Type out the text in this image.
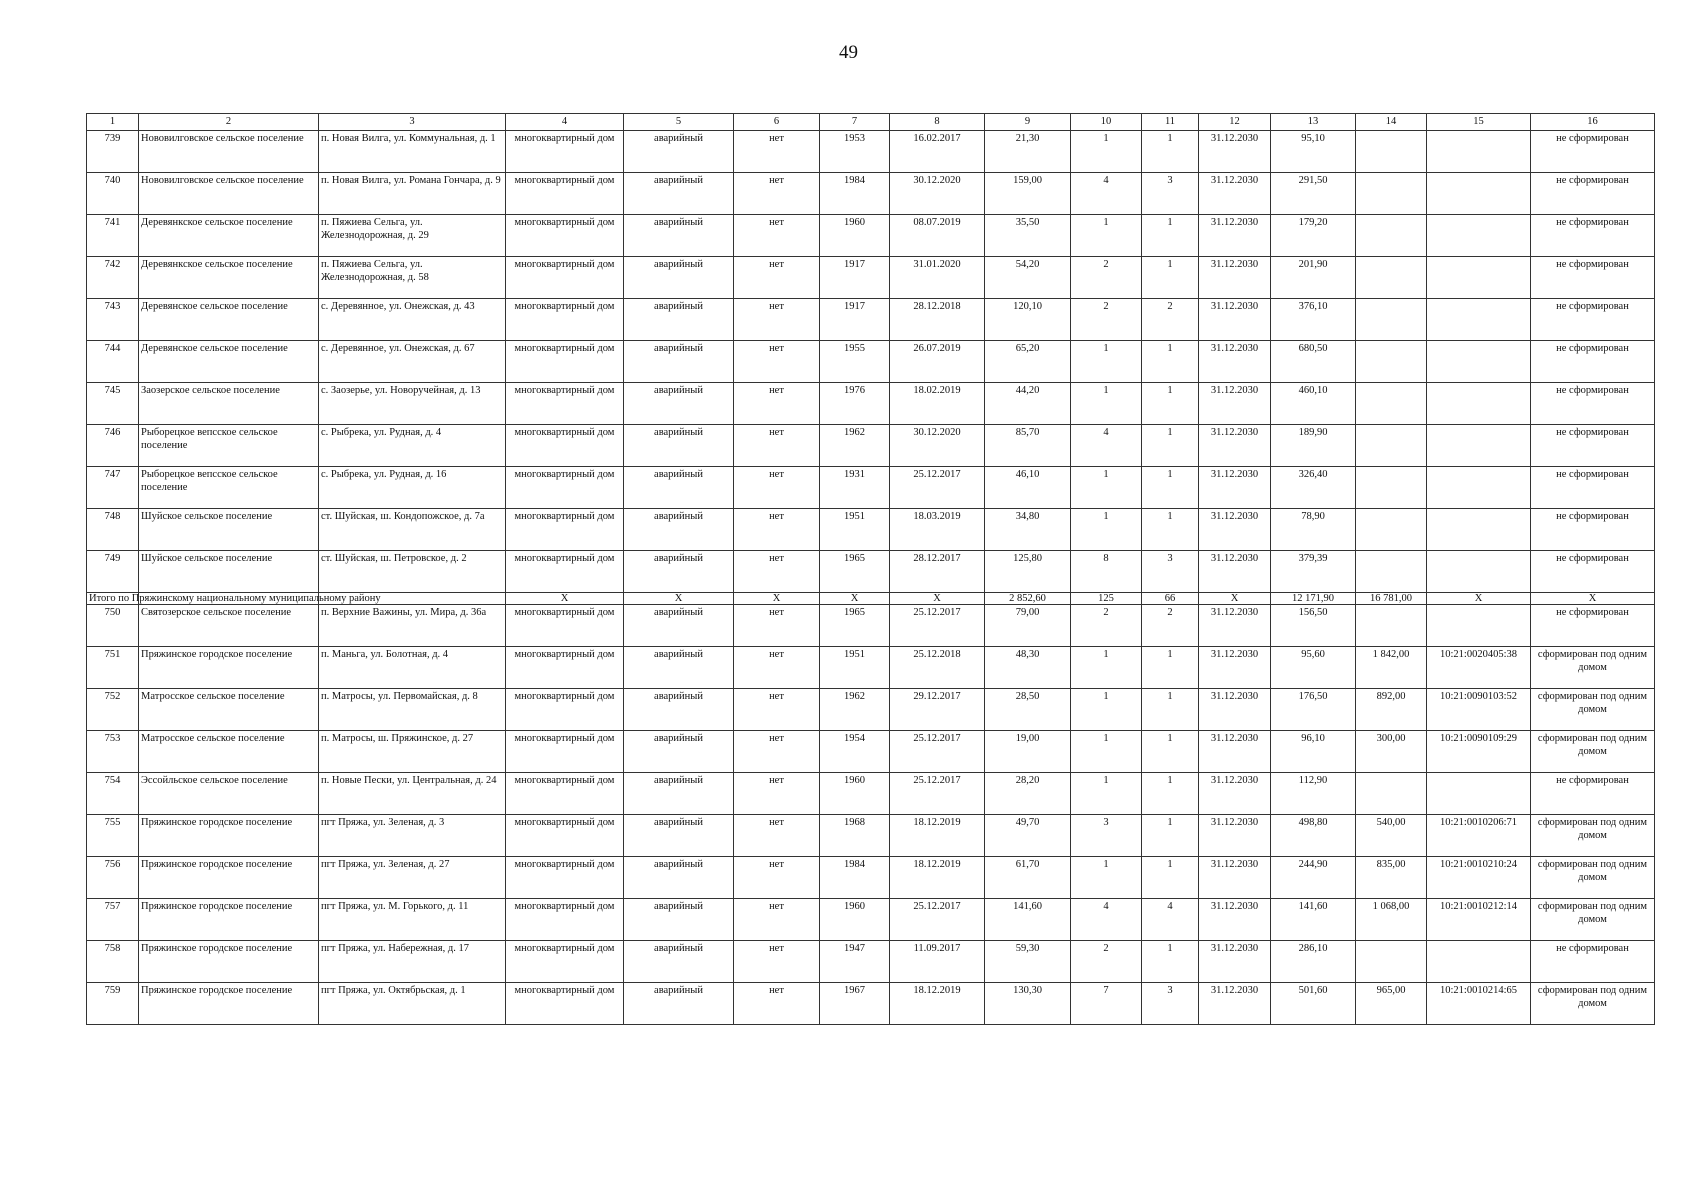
49
1	2	3	4	5	6	7	8	9	10	11	12	13	14	15	16
739	Нововилговское сельское поселение	п. Новая Вилга, ул. Коммунальная, д. 1	многоквартирный дом	аварийный	нет	1953	16.02.2017	21,30	1	1	31.12.2030	95,10			не сформирован
740	Нововилговское сельское поселение	п. Новая Вилга, ул. Романа Гончара, д. 9	многоквартирный дом	аварийный	нет	1984	30.12.2020	159,00	4	3	31.12.2030	291,50			не сформирован
741	Деревянкское сельское поселение	п. Пяжиева Сельга, ул. Железнодорожная, д. 29	многоквартирный дом	аварийный	нет	1960	08.07.2019	35,50	1	1	31.12.2030	179,20			не сформирован
742	Деревянкское сельское поселение	п. Пяжиева Сельга, ул. Железнодорожная, д. 58	многоквартирный дом	аварийный	нет	1917	31.01.2020	54,20	2	1	31.12.2030	201,90			не сформирован
743	Деревянское сельское поселение	с. Деревянное, ул. Онежская, д. 43	многоквартирный дом	аварийный	нет	1917	28.12.2018	120,10	2	2	31.12.2030	376,10			не сформирован
744	Деревянское сельское поселение	с. Деревянное, ул. Онежская, д. 67	многоквартирный дом	аварийный	нет	1955	26.07.2019	65,20	1	1	31.12.2030	680,50			не сформирован
745	Заозерское сельское поселение	с. Заозерье, ул. Новоручейная, д. 13	многоквартирный дом	аварийный	нет	1976	18.02.2019	44,20	1	1	31.12.2030	460,10			не сформирован
746	Рыборецкое вепсское сельское поселение	с. Рыбрека, ул. Рудная, д. 4	многоквартирный дом	аварийный	нет	1962	30.12.2020	85,70	4	1	31.12.2030	189,90			не сформирован
747	Рыборецкое вепсское сельское поселение	с. Рыбрека, ул. Рудная, д. 16	многоквартирный дом	аварийный	нет	1931	25.12.2017	46,10	1	1	31.12.2030	326,40			не сформирован
748	Шуйское сельское поселение	ст. Шуйская, ш. Кондопожское, д. 7а	многоквартирный дом	аварийный	нет	1951	18.03.2019	34,80	1	1	31.12.2030	78,90			не сформирован
749	Шуйское сельское поселение	ст. Шуйская, ш. Петровское, д. 2	многоквартирный дом	аварийный	нет	1965	28.12.2017	125,80	8	3	31.12.2030	379,39			не сформирован
Итого по Пряжинскому национальному муниципальному району			X	X	X	X	X	2 852,60	125	66	X	12 171,90	16 781,00	X	X
750	Святозерское сельское поселение	п. Верхние Важины, ул. Мира, д. 36а	многоквартирный дом	аварийный	нет	1965	25.12.2017	79,00	2	2	31.12.2030	156,50			не сформирован
751	Пряжинское городское поселение	п. Маньга, ул. Болотная, д. 4	многоквартирный дом	аварийный	нет	1951	25.12.2018	48,30	1	1	31.12.2030	95,60	1 842,00	10:21:0020405:38	сформирован под одним домом
752	Матросское сельское поселение	п. Матросы, ул. Первомайская, д. 8	многоквартирный дом	аварийный	нет	1962	29.12.2017	28,50	1	1	31.12.2030	176,50	892,00	10:21:0090103:52	сформирован под одним домом
753	Матросское сельское поселение	п. Матросы, ш. Пряжинское, д. 27	многоквартирный дом	аварийный	нет	1954	25.12.2017	19,00	1	1	31.12.2030	96,10	300,00	10:21:0090109:29	сформирован под одним домом
754	Эссойльское сельское поселение	п. Новые Пески, ул. Центральная, д. 24	многоквартирный дом	аварийный	нет	1960	25.12.2017	28,20	1	1	31.12.2030	112,90			не сформирован
755	Пряжинское городское поселение	пгт Пряжа, ул. Зеленая, д. 3	многоквартирный дом	аварийный	нет	1968	18.12.2019	49,70	3	1	31.12.2030	498,80	540,00	10:21:0010206:71	сформирован под одним домом
756	Пряжинское городское поселение	пгт Пряжа, ул. Зеленая, д. 27	многоквартирный дом	аварийный	нет	1984	18.12.2019	61,70	1	1	31.12.2030	244,90	835,00	10:21:0010210:24	сформирован под одним домом
757	Пряжинское городское поселение	пгт Пряжа, ул. М. Горького, д. 11	многоквартирный дом	аварийный	нет	1960	25.12.2017	141,60	4	4	31.12.2030	141,60	1 068,00	10:21:0010212:14	сформирован под одним домом
758	Пряжинское городское поселение	пгт Пряжа, ул. Набережная, д. 17	многоквартирный дом	аварийный	нет	1947	11.09.2017	59,30	2	1	31.12.2030	286,10			не сформирован
759	Пряжинское городское поселение	пгт Пряжа, ул. Октябрьская, д. 1	многоквартирный дом	аварийный	нет	1967	18.12.2019	130,30	7	3	31.12.2030	501,60	965,00	10:21:0010214:65	сформирован под одним домом
